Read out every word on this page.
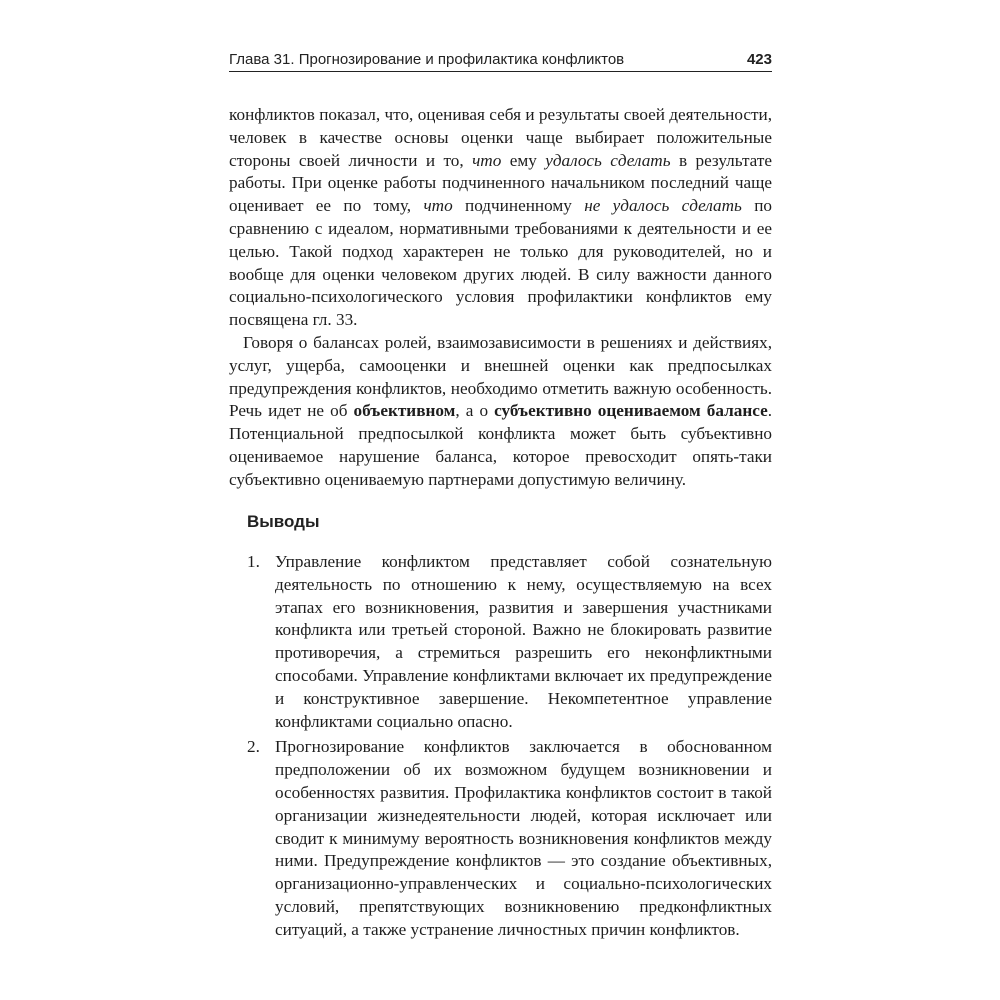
Глава 31. Прогнозирование и профилактика конфликтов	423

конфликтов показал, что, оценивая себя и результаты своей деятельности, человек в качестве основы оценки чаще выбирает положительные стороны своей личности и то, что ему удалось сделать в результате работы. При оценке работы подчиненного начальником последний чаще оценивает ее по тому, что подчиненному не удалось сделать по сравнению с идеалом, нормативными требованиями к деятельности и ее целью. Такой подход характерен не только для руководителей, но и вообще для оценки человеком других людей. В силу важности данного социально-психологического условия профилактики конфликтов ему посвящена гл. 33.

Говоря о балансах ролей, взаимозависимости в решениях и действиях, услуг, ущерба, самооценки и внешней оценки как предпосылках предупреждения конфликтов, необходимо отметить важную особенность. Речь идет не об объективном, а о субъективно оцениваемом балансе. Потенциальной предпосылкой конфликта может быть субъективно оцениваемое нарушение баланса, которое превосходит опять-таки субъективно оцениваемую партнерами допустимую величину.

Выводы
1. Управление конфликтом представляет собой сознательную деятельность по отношению к нему, осуществляемую на всех этапах его возникновения, развития и завершения участниками конфликта или третьей стороной. Важно не блокировать развитие противоречия, а стремиться разрешить его неконфликтными способами. Управление конфликтами включает их предупреждение и конструктивное завершение. Некомпетентное управление конфликтами социально опасно.
2. Прогнозирование конфликтов заключается в обоснованном предположении об их возможном будущем возникновении и особенностях развития. Профилактика конфликтов состоит в такой организации жизнедеятельности людей, которая исключает или сводит к минимуму вероятность возникновения конфликтов между ними. Предупреждение конфликтов — это создание объективных, организационно-управленческих и социально-психологических условий, препятствующих возникновению предконфликтных ситуаций, а также устранение личностных причин конфликтов.
